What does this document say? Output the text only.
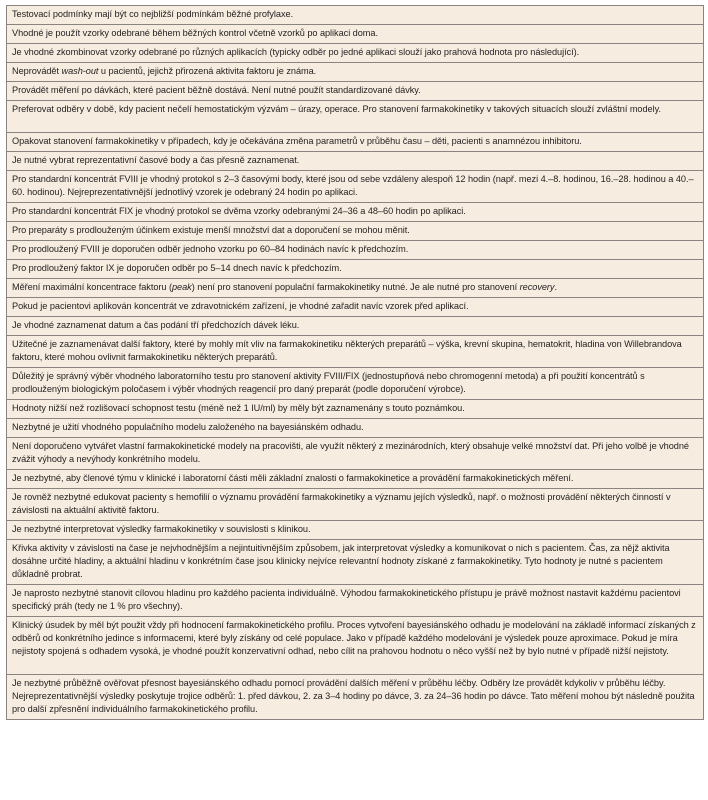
Testovací podmínky mají být co nejbližší podmínkám běžné profylaxe.
Vhodné je použít vzorky odebrané během běžných kontrol včetně vzorků po aplikaci doma.
Je vhodné zkombinovat vzorky odebrané po různých aplikacích (typicky odběr po jedné aplikaci slouží jako prahová hodnota pro následující).
Neprovádět wash-out u pacientů, jejichž přirozená aktivita faktoru je známa.
Provádět měření po dávkách, které pacient běžně dostává. Není nutné použít standardizované dávky.
Preferovat odběry v době, kdy pacient nečelí hemostatickým výzvám – úrazy, operace. Pro stanovení farmakokinetiky v takových situacích slouží zvláštní modely.
Opakovat stanovení farmakokinetiky v případech, kdy je očekávána změna parametrů v průběhu času – děti, pacienti s anamnézou inhibitoru.
Je nutné vybrat reprezentativní časové body a čas přesně zaznamenat.
Pro standardní koncentrát FVIII je vhodný protokol s 2–3 časovými body, které jsou od sebe vzdáleny alespoň 12 hodin (např. mezi 4.–8. hodinou, 16.–28. hodinou a 40.–60. hodinou). Nejreprezentativnější jednotlivý vzorek je odebraný 24 hodin po aplikaci.
Pro standardní koncentrát FIX je vhodný protokol se dvěma vzorky odebranými 24–36 a 48–60 hodin po aplikaci.
Pro preparáty s prodlouženým účinkem existuje menší množství dat a doporučení se mohou měnit.
Pro prodloužený FVIII je doporučen odběr jednoho vzorku po 60–84 hodinách navíc k předchozím.
Pro prodloužený faktor IX je doporučen odběr po 5–14 dnech navíc k předchozím.
Měření maximální koncentrace faktoru (peak) není pro stanovení populační farmakokinetiky nutné. Je ale nutné pro stanovení recovery.
Pokud je pacientovi aplikován koncentrát ve zdravotnickém zařízení, je vhodné zařadit navíc vzorek před aplikací.
Je vhodné zaznamenat datum a čas podání tří předchozích dávek léku.
Užitečné je zaznamenávat další faktory, které by mohly mít vliv na farmakokinetiku některých preparátů – výška, krevní skupina, hematokrit, hladina von Willebrandova faktoru, které mohou ovlivnit farmakokinetiku některých preparátů.
Důležitý je správný výběr vhodného laboratorního testu pro stanovení aktivity FVIII/FIX (jednostupňová nebo chromogenní metoda) a při použití koncentrátů s prodlouženým biologickým poločasem i výběr vhodných reagencií pro daný preparát (podle doporučení výrobce).
Hodnoty nižší než rozlišovací schopnost testu (méně než 1 IU/ml) by měly být zaznamenány s touto poznámkou.
Nezbytné je užití vhodného populačního modelu založeného na bayesiánském odhadu.
Není doporučeno vytvářet vlastní farmakokinetické modely na pracovišti, ale využít některý z mezinárodních, který obsahuje velké množství dat. Při jeho volbě je vhodné zvážit výhody a nevýhody konkrétního modelu.
Je nezbytné, aby členové týmu v klinické i laboratorní části měli základní znalosti o farmakokinetice a provádění farmakokinetických měření.
Je rovněž nezbytné edukovat pacienty s hemofilií o významu provádění farmakokinetiky a významu jejích výsledků, např. o možnosti provádění některých činností v závislosti na aktuální aktivitě faktoru.
Je nezbytné interpretovat výsledky farmakokinetiky v souvislosti s klinikou.
Křivka aktivity v závislosti na čase je nejvhodnějším a nejintuitivnějším způsobem, jak interpretovat výsledky a komunikovat o nich s pacientem. Čas, za nějž aktivita dosáhne určité hladiny, a aktuální hladinu v konkrétním čase jsou klinicky nejvíce relevantní hodnoty získané z farmakokinetiky. Tyto hodnoty je nutné s pacientem důkladně probrat.
Je naprosto nezbytné stanovit cílovou hladinu pro každého pacienta individuálně. Výhodou farmakokinetického přístupu je právě možnost nastavit každému pacientovi specifický práh (tedy ne 1 % pro všechny).
Klinický úsudek by měl být použit vždy při hodnocení farmakokinetického profilu. Proces vytvoření bayesiánského odhadu je modelování na základě informací získaných z odběrů od konkrétního jedince s informacemi, které byly získány od celé populace. Jako v případě každého modelování je výsledek pouze aproximace. Pokud je míra nejistoty spojená s odhadem vysoká, je vhodné použít konzervativní odhad, nebo cílit na prahovou hodnotu o něco vyšší než by bylo nutné v případě nižší nejistoty.
Je nezbytné průběžně ověřovat přesnost bayesiánského odhadu pomocí provádění dalších měření v průběhu léčby. Odběry lze provádět kdykoliv v průběhu léčby. Nejreprezentativnější výsledky poskytuje trojice odběrů: 1. před dávkou, 2. za 3–4 hodiny po dávce, 3. za 24–36 hodin po dávce. Tato měření mohou být následně použita pro další zpřesnění individuálního farmakokinetického profilu.
